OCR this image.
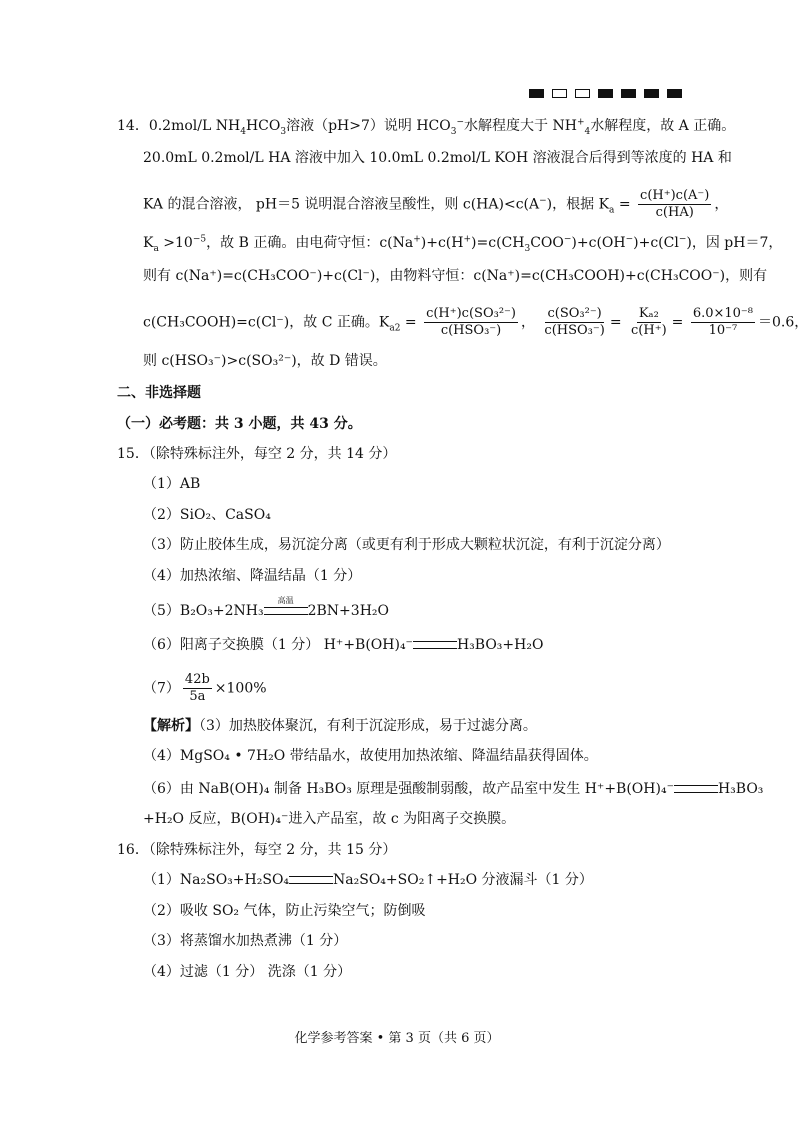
14．0.2mol/L $NH_4HCO_3$溶液（pH>7）说明 $HCO_3^-$水解程度大于 $NH^+_4$水解程度，故 A 正确。
20.0mL 0.2mol/L HA 溶液中加入 10.0mL 0.2mol/L KOH 溶液混合后得到等浓度的 HA 和
KA 的混合溶液， pH＝5 说明混合溶液呈酸性，则 c(HA)<c(A−)，根据 $K_a = \frac{c(H^+)c(A^-)}{c(HA)}$ ，
$K_a >10^{-5}$，故 B 正确。由电荷守恒：$c(Na^+)+c(H^+)=c(CH_3COO^-)+c(OH^-)+c(Cl^-)$，因 pH＝7，
则有 c(Na⁺)=c(CH₃COO⁻)+c(Cl⁻)，由物料守恒：c(Na⁺)=c(CH₃COOH)+c(CH₃COO⁻)，则有
c(CH₃COOH)=c(Cl⁻)，故 C 正确。$K_{a2} = \frac{\text{c(H⁺)c(SO₃²⁻)}}{\text{c(HSO₃⁻)}}$ ， $\frac{\text{c(SO₃²⁻)}}{\text{c(HSO₃⁻)}} = \frac{\text{Kₐ₂}}{c(H^+)} = \frac{\text{6.0×10⁻⁸}}{\text{10⁻⁷}} =0.6$，
则 c(HSO₃⁻)>c(SO₃²⁻)，故 D 错误。
二、非选择题
（一）必考题：共 3 小题，共 43 分。
15．（除特殊标注外，每空 2 分，共 14 分）
（1）AB
（2）SiO₂、CaSO₄
（3）防止胶体生成，易沉淀分离（或更有利于形成大颗粒状沉淀，有利于沉淀分离）
（4）加热浓缩、降温结晶（1 分）
（5）B₂O₃+2NH₃
高温
2BN+3H₂O
（6）阳离子交换膜（1 分） H⁺+B(OH)₄⁻	H₃BO₃+H₂O
$(7) \frac{42b}{5a} \times 100\%$
【解析】（3）加热胶体聚沉，有利于沉淀形成，易于过滤分离。
（4）MgSO₄ • 7H₂O 带结晶水，故使用加热浓缩、降温结晶获得固体。
（6）由 NaB(OH)₄ 制备 H₃BO₃ 原理是强酸制弱酸，故产品室中发生 H⁺+B(OH)₄⁻	H₃BO₃
+H₂O 反应，B(OH)₄⁻进入产品室，故 c 为阳离子交换膜。
16．（除特殊标注外，每空 2 分，共 15 分）
（1）Na₂SO₃+H₂SO₄	Na₂SO₄+SO₂↑+H₂O 分液漏斗（1 分）
（2）吸收 SO₂ 气体，防止污染空气；防倒吸
（3）将蒸馏水加热煮沸（1 分）
（4）过滤（1 分） 洗涤（1 分）
化学参考答案 • 第 3 页（共 6 页）
